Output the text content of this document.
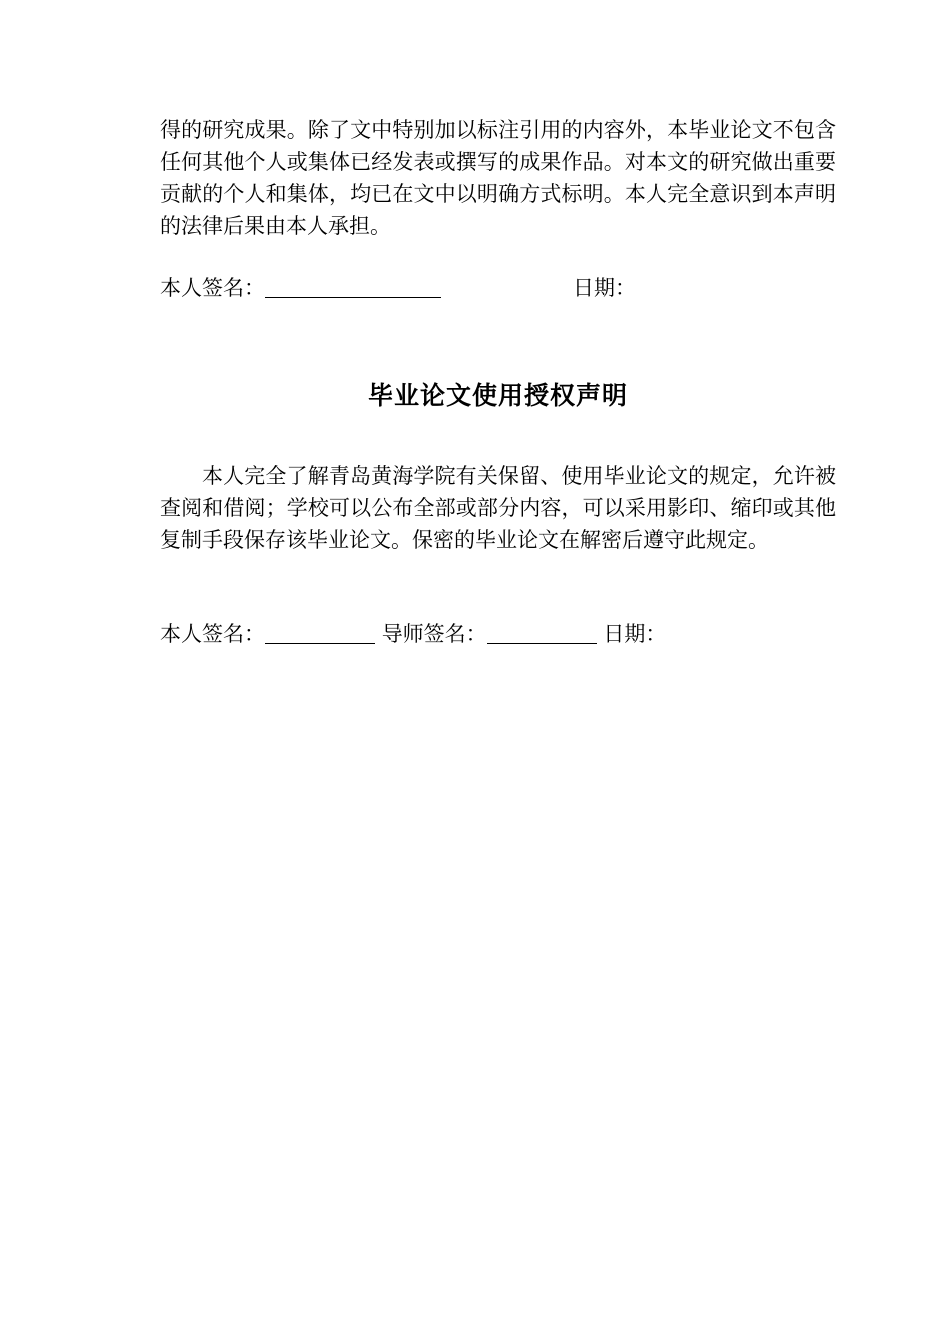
得的研究成果。除了文中特别加以标注引用的内容外，本毕业论文不包含任何其他个人或集体已经发表或撰写的成果作品。对本文的研究做出重要贡献的个人和集体，均已在文中以明确方式标明。本人完全意识到本声明的法律后果由本人承担。
本人签名：	日期：
毕业论文使用授权声明
本人完全了解青岛黄海学院有关保留、使用毕业论文的规定，允许被查阅和借阅；学校可以公布全部或部分内容，可以采用影印、缩印或其他复制手段保存该毕业论文。保密的毕业论文在解密后遵守此规定。
本人签名：	导师签名：	日期：
